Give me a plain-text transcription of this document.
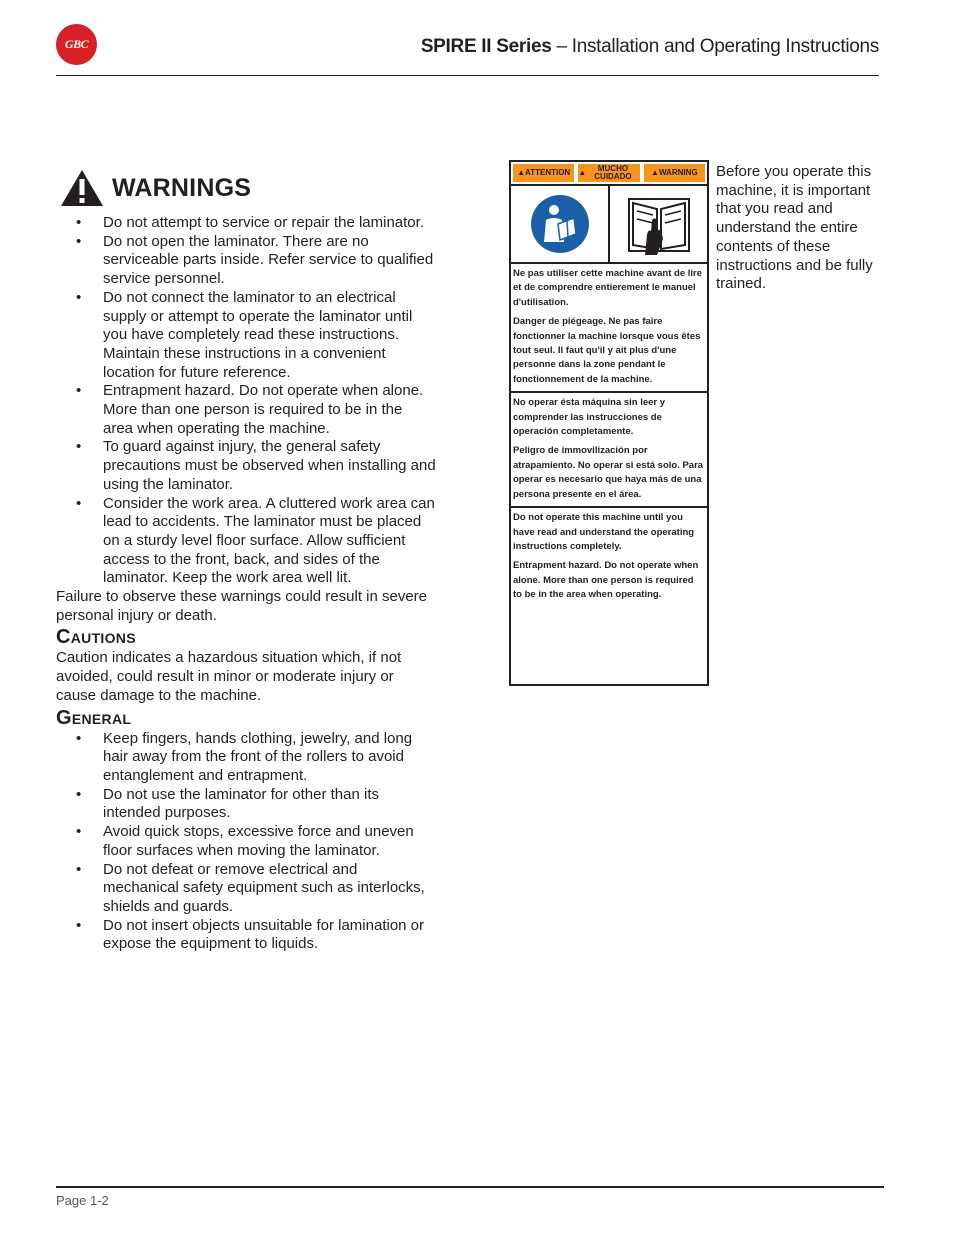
GBC	SPIRE II Series – Installation and Operating Instructions
WARNINGS
• Do not attempt to service or repair the laminator.
• Do not open the laminator. There are no serviceable parts inside. Refer service to qualified service personnel.
• Do not connect the laminator to an electrical supply or attempt to operate the laminator until you have completely read these instructions. Maintain these instructions in a convenient location for future reference.
• Entrapment hazard. Do not operate when alone. More than one person is required to be in the area when operating the machine.
• To guard against injury, the general safety precautions must be observed when installing and using the laminator.
• Consider the work area. A cluttered work area can lead to accidents. The laminator must be placed on a sturdy level floor surface. Allow sufficient access to the front, back, and sides of the laminator. Keep the work area well lit.

Failure to observe these warnings could result in severe personal injury or death.

Cautions

Caution indicates a hazardous situation which, if not avoided, could result in minor or moderate injury or cause damage to the machine.

General
• Keep fingers, hands clothing, jewelry, and long hair away from the front of the rollers to avoid entanglement and entrapment.
• Do not use the laminator for other than its intended purposes.
• Avoid quick stops, excessive force and uneven floor surfaces when moving the laminator.
• Do not defeat or remove electrical and mechanical safety equipment such as interlocks, shields and guards.
• Do not insert objects unsuitable for lamination or expose the equipment to liquids.
▲ ATTENTION ▲	MUCHO CUIDADO	▲ WARNING

Ne pas utiliser cette machine avant de lire et de comprendre entierement le manuel d'utilisation.

Danger de piégeage. Ne pas faire fonctionner la machine lorsque vous êtes tout seul. Il faut qu'il y ait plus d'une personne dans la zone pendant le fonctionnement de la machine.

No operar ésta máquina sin leer y comprender las instrucciones de operación completamente.

Peligro de immovilización por atrapamiento. No operar si está solo. Para operar es necesario que haya más de una persona presente en el área.

Do not operate this machine until you have read and understand the operating instructions completely.

Entrapment hazard. Do not operate when alone. More than one person is required to be in the area when operating.

Before you operate this machine, it is important that you read and understand the entire contents of these instructions and be fully trained.
Page 1-2
